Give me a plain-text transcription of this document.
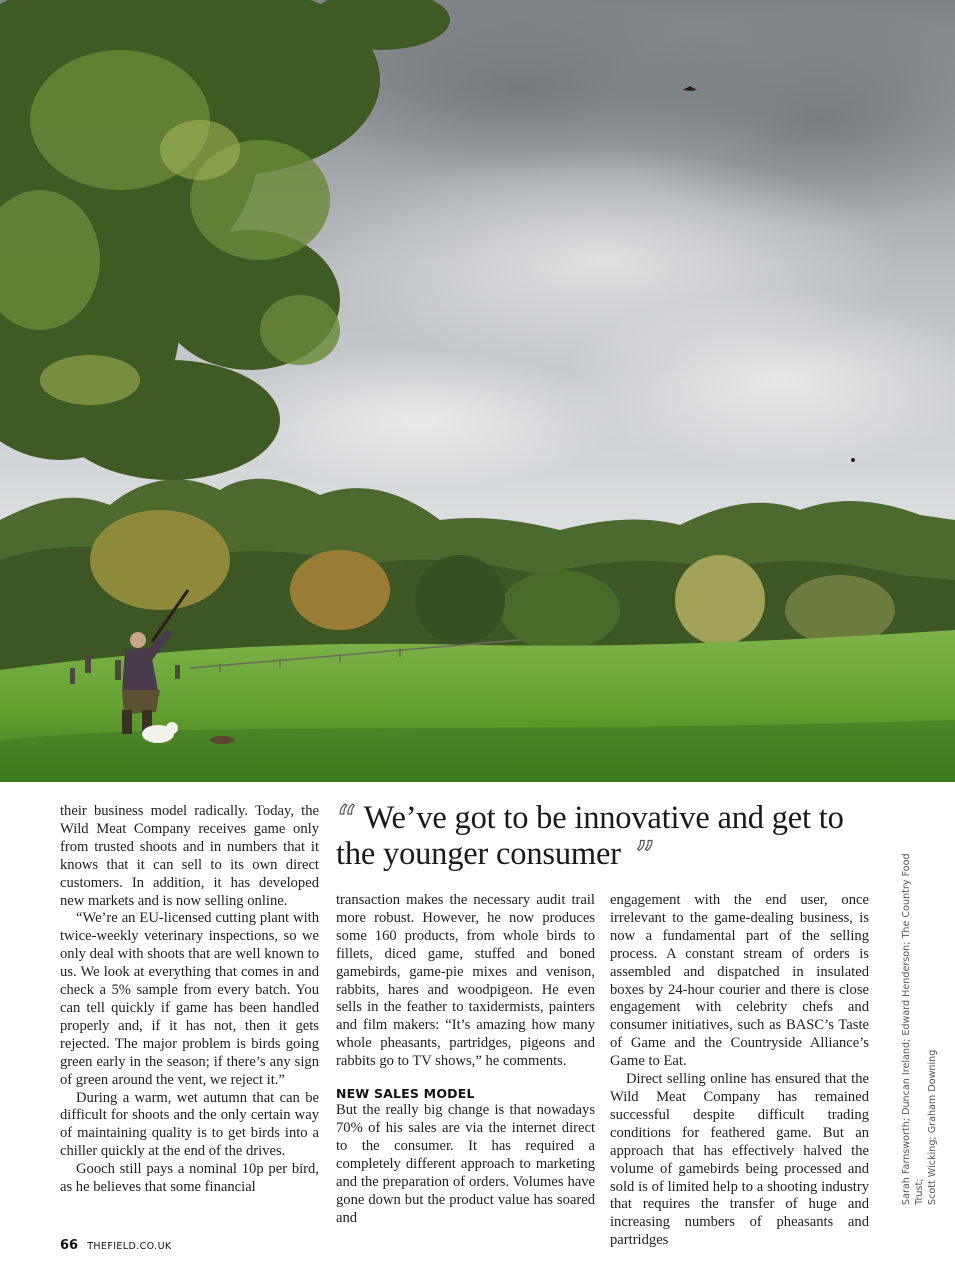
“ We’ve got to be innovative and get to the younger consumer ”

their business model radically. Today, the Wild Meat Company receives game only from trusted shoots and in numbers that it knows that it can sell to its own direct customers. In addition, it has developed new markets and is now selling online.

“We’re an EU-licensed cutting plant with twice-weekly veterinary inspections, so we only deal with shoots that are well known to us. We look at everything that comes in and check a 5% sample from every batch. You can tell quickly if game has been handled properly and, if it has not, then it gets rejected. The major problem is birds going green early in the season; if there’s any sign of green around the vent, we reject it.”

During a warm, wet autumn that can be difficult for shoots and the only certain way of maintaining quality is to get birds into a chiller quickly at the end of the drives.

Gooch still pays a nominal 10p per bird, as he believes that some financial

transaction makes the necessary audit trail more robust. However, he now produces some 160 products, from whole birds to fillets, diced game, stuffed and boned gamebirds, game-pie mixes and venison, rabbits, hares and woodpigeon. He even sells in the feather to taxidermists, painters and film makers: “It’s amazing how many whole pheasants, partridges, pigeons and rabbits go to TV shows,” he comments.

NEW SALES MODEL

But the really big change is that nowadays 70% of his sales are via the internet direct to the consumer. It has required a completely different approach to marketing and the preparation of orders. Volumes have gone down but the product value has soared and

engagement with the end user, once irrelevant to the game-dealing business, is now a fundamental part of the selling process. A constant stream of orders is assembled and dispatched in insulated boxes by 24-hour courier and there is close engagement with celebrity chefs and consumer initiatives, such as BASC’s Taste of Game and the Countryside Alliance’s Game to Eat.

Direct selling online has ensured that the Wild Meat Company has remained successful despite difficult trading conditions for feathered game. But an approach that has effectively halved the volume of gamebirds being processed and sold is of limited help to a shooting industry that requires the transfer of huge and increasing numbers of pheasants and partridges

Sarah Farnsworth; Duncan Ireland; Edward Henderson; The Country Food Trust; Scott Wicking; Graham Downing
66 THEFIELD.CO.UK
